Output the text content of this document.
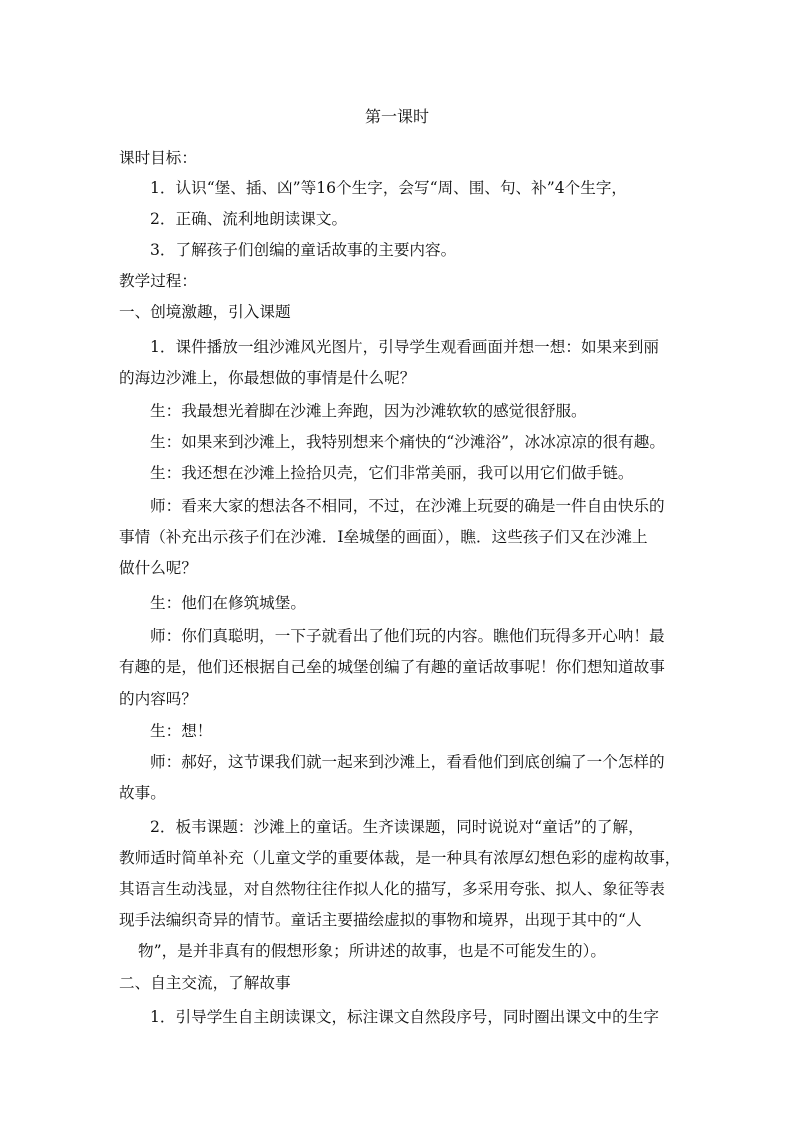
第一课时
课时目标：
1．认识“堡、插、凶”等16个生字，会写“周、围、句、补”4个生字，
2．正确、流利地朗读课文。
3．了解孩子们创编的童话故事的主要内容。
教学过程：
一、创境激趣，引入课题
1．课件播放一组沙滩风光图片，引导学生观看画面并想一想：如果来到丽
的海边沙滩上，你最想做的事情是什么呢？
生：我最想光着脚在沙滩上奔跑，因为沙滩软软的感觉很舒服。
生：如果来到沙滩上，我特别想来个痛快的“沙滩浴”，冰冰凉凉的很有趣。
生：我还想在沙滩上捡拾贝壳，它们非常美丽，我可以用它们做手链。
师：看来大家的想法各不相同，不过，在沙滩上玩耍的确是一件自由快乐的
事情（补充出示孩子们在沙滩．I垒城堡的画面），瞧．这些孩子们又在沙滩上
做什么呢？
生：他们在修筑城堡。
师：你们真聪明，一下子就看出了他们玩的内容。瞧他们玩得多开心呐！最
有趣的是，他们还根据自己垒的城堡创编了有趣的童话故事呢！你们想知道故事
的内容吗？
生：想！
师：郝好，这节课我们就一起来到沙滩上，看看他们到底创编了一个怎样的
故事。
2．板韦课题：沙滩上的童话。生齐读课题，同时说说对“童话”的了解，
教师适时简单补充（儿童文学的重要体裁，是一种具有浓厚幻想色彩的虚构故事，
其语言生动浅显，对自然物往往作拟人化的描写，多采用夸张、拟人、象征等表
现手法编织奇异的情节。童话主要描绘虚拟的事物和境界，出现于其中的“人
物”，是并非真有的假想形象；所讲述的故事，也是不可能发生的）。
二、自主交流，了解故事
1．引导学生自主朗读课文，标注课文自然段序号，同时圈出课文中的生字
